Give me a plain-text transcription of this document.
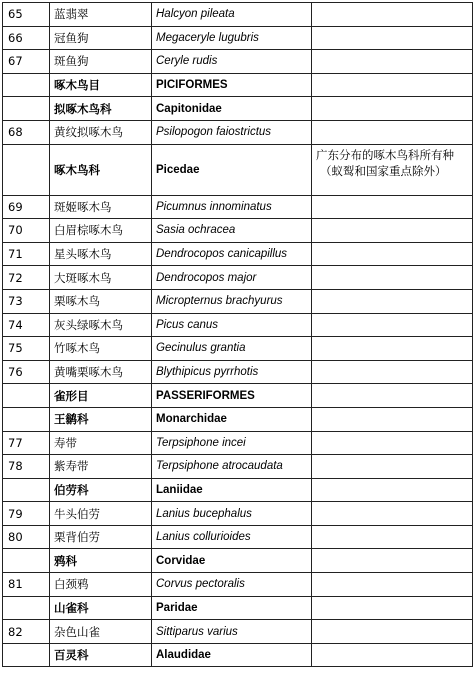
65	蓝翡翠	Halcyon pileata	
66	冠鱼狗	Megaceryle lugubris	
67	斑鱼狗	Ceryle rudis	
	啄木鸟目	PICIFORMES	
	拟啄木鸟科	Capitonidae	
68	黄纹拟啄木鸟	Psilopogon faiostrictus	
	啄木鸟科	Picedae	广东分布的啄木鸟科所有种
（蚁䴕和国家重点除外）

69	斑姬啄木鸟	Picumnus innominatus	
70	白眉棕啄木鸟	Sasia ochracea	
71	星头啄木鸟	Dendrocopos canicapillus	
72	大斑啄木鸟	Dendrocopos major	
73	栗啄木鸟	Micropternus brachyurus	
74	灰头绿啄木鸟	Picus canus	
75	竹啄木鸟	Gecinulus grantia	
76	黄嘴栗啄木鸟	Blythipicus pyrrhotis	
	雀形目	PASSERIFORMES	
	王鹟科	Monarchidae	
77	寿带	Terpsiphone incei	
78	紫寿带	Terpsiphone atrocaudata	
	伯劳科	Laniidae	
79	牛头伯劳	Lanius bucephalus	
80	栗背伯劳	Lanius collurioides	
	鸦科	Corvidae	
81	白颈鸦	Corvus pectoralis	
	山雀科	Paridae	
82	杂色山雀	Sittiparus varius	
	百灵科	Alaudidae	
